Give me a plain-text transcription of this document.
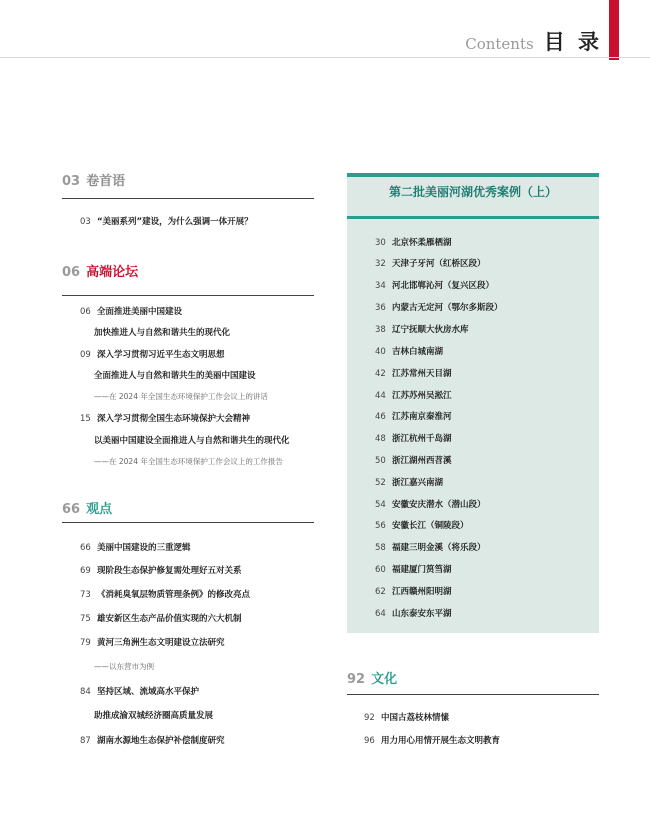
Contents 目 录
03 卷首语
03 “美丽系列”建设，为什么强调一体开展？
06 高端论坛
06 全面推进美丽中国建设
加快推进人与自然和谐共生的现代化
09 深入学习贯彻习近平生态文明思想
全面推进人与自然和谐共生的美丽中国建设
——在 2024 年全国生态环境保护工作会议上的讲话
15 深入学习贯彻全国生态环境保护大会精神
以美丽中国建设全面推进人与自然和谐共生的现代化
——在 2024 年全国生态环境保护工作会议上的工作报告
66 观点
66 美丽中国建设的三重逻辑
69 现阶段生态保护修复需处理好五对关系
73 《消耗臭氧层物质管理条例》的修改亮点
75 雄安新区生态产品价值实现的六大机制
79 黄河三角洲生态文明建设立法研究
——以东营市为例
84 坚持区域、流域高水平保护
助推成渝双城经济圈高质量发展
87 湖南水源地生态保护补偿制度研究
第二批美丽河湖优秀案例（上）
30 北京怀柔雁栖湖
32 天津子牙河（红桥区段）
34 河北邯郸沁河（复兴区段）
36 内蒙古无定河（鄂尔多斯段）
38 辽宁抚顺大伙房水库
40 吉林白城南湖
42 江苏常州天目湖
44 江苏苏州吴淞江
46 江苏南京秦淮河
48 浙江杭州千岛湖
50 浙江湖州西苕溪
52 浙江嘉兴南湖
54 安徽安庆潜水（潜山段）
56 安徽长江（铜陵段）
58 福建三明金溪（将乐段）
60 福建厦门筼筜湖
62 江西赣州阳明湖
64 山东泰安东平湖
92 文化
92 中国古荔枝林情愫
96 用力用心用情开展生态文明教育
